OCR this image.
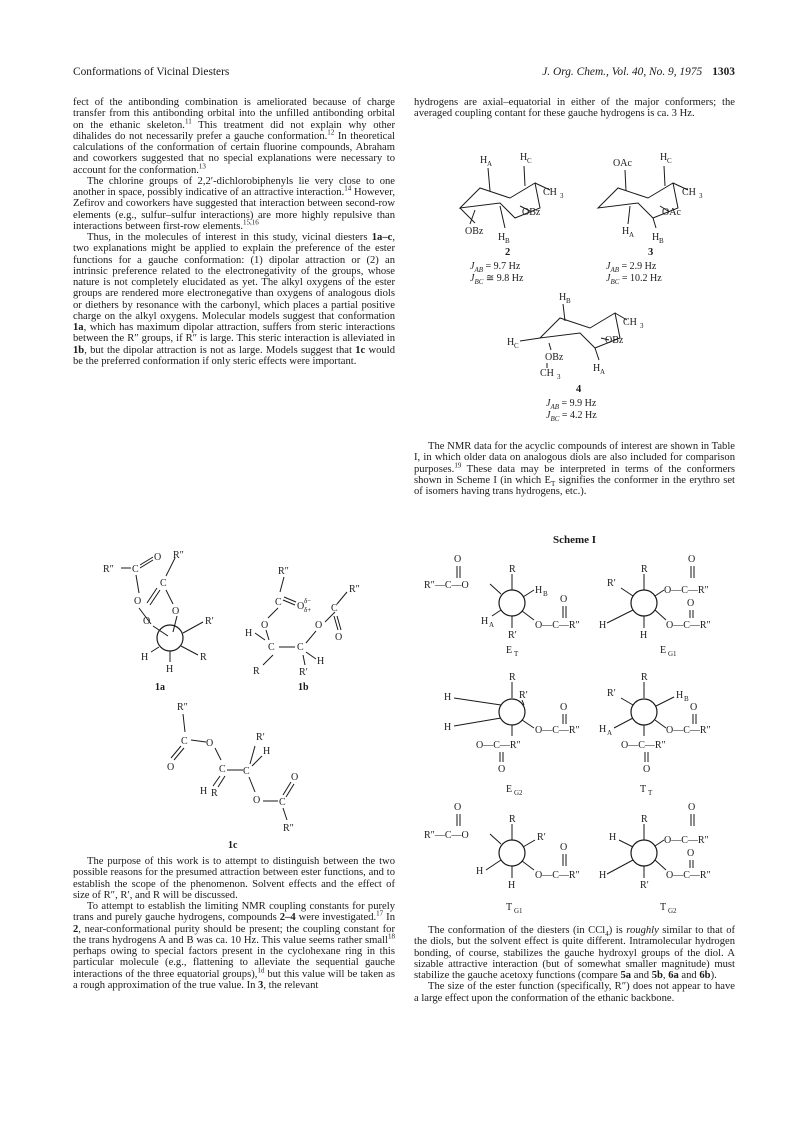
Conformations of Vicinal Diesters	J. Org. Chem., Vol. 40, No. 9, 1975 1303

fect of the antibonding combination is ameliorated because of charge transfer from this antibonding orbital into the unfilled antibonding orbital on the ethanic skeleton.$^{11}$ This treatment did not explain why other dihalides do not necessarily prefer a gauche conformation.$^{12}$ In theoretical calculations of the conformation of certain fluorine compounds, Abraham and coworkers suggested that no special explanations were necessary to account for the conformation.$^{13}$

The chlorine groups of 2,2′-dichlorobiphenyls lie very close to one another in space, possibly indicative of an attractive interaction.$^{14}$ However, Zefirov and coworkers have suggested that interaction between second-row elements (e.g., sulfur–sulfur interactions) are more highly repulsive than interactions between first-row elements.$^{15,16}$

Thus, in the molecules of interest in this study, vicinal diesters 1a–c, two explanations might be applied to explain the preference of the ester functions for a gauche conformation: (1) dipolar attraction or (2) an intrinsic preference related to the electronegativity of the groups, whose nature is not completely elucidated as yet. The alkyl oxygens of the ester groups are rendered more electronegative than oxygens of analogous diols or diethers by resonance with the carbonyl, which places a partial positive charge on the alkyl oxygens. Molecular models suggest that conformation 1a, which has maximum dipolar attraction, suffers from steric interactions between the R″ groups, if R″ is large. This steric interaction is alleviated in 1b, but the dipolar attraction is not as large. Models suggest that 1c would be the preferred conformation if only steric effects were important.

R″ C
O
O
R″
C
O
O	R′
H	R
H
1a
R″
C O δ−
δ+
O
H
C C
O
C
R″
O
H
R	R′
1b
R″
C
O
O
C C
H
R′
H R
O C
O
R″
1c

The purpose of this work is to attempt to distinguish between the two possible reasons for the presumed attraction between ester functions, and to establish the scope of the phenomenon. Solvent effects and the effect of size of R″, R′, and R will be discussed.

To attempt to establish the limiting NMR coupling constants for purely trans and purely gauche hydrogens, compounds 2–4 were investigated.$^{17}$ In 2, near-conformational purity should be present; the coupling constant for the trans hydrogens A and B was ca. 10 Hz. This value seems rather small$^{18}$ perhaps owing to special factors present in the cyclohexane ring in this particular molecule (e.g., flattening to alleviate the sequential gauche interactions of the three equatorial groups),$^{1d}$ but this value will be taken as a rough approximation of the true value. In 3, the relevant

hydrogens are axial–equatorial in either of the major conformers; the averaged coupling contant for these gauche hydrogens is ca. 3 Hz.

H A
H C
CH 3
OBz
OBz
H B
OAc
H C
CH 3
OAc
H A H B
2	3
$J_{AB} = 9.7$ Hz
$J_{BC}$ ≅ 9.8 Hz
$J_{AB} = 2.9$ Hz
$J_{BC} = 10.2$ Hz
H B
CH 3
OBz
H C
OBz
CH 3
H A
4
$J_{AB} = 9.9$ Hz
$J_{BC} = 4.2$ Hz

The NMR data for the acyclic compounds of interest are shown in Table I, in which older data on analogous diols are also included for comparison purposes.$^{19}$ These data may be interpreted in terms of the conformers shown in Scheme I (in which $E_T$ signifies the conformer in the erythro set of isomers having trans hydrogens, etc.).

Scheme I
O
R″—C—O
R
H B
H A
R′
O
O—C—R″
E T
R
O
R′
O—C—R″
O
H	O—C—R″
H
E G1
R
H	R′
H	O—C—R″
O
O—C—R″
O
E G2
R
R′	H B
H A	O—C—R″
O
O—C—R″
O
T T
O
R″—C—O
R
R′
H	O—C—R″
O
H
T G1
O
R
H	O—C—R″
O
H	O—C—R″
R′
T G2

The conformation of the diesters (in CCl$_4$) is roughly similar to that of the diols, but the solvent effect is quite different. Intramolecular hydrogen bonding, of course, stabilizes the gauche hydroxyl groups of the diol. A sizable attractive interaction (but of somewhat smaller magnitude) must stabilize the gauche acetoxy functions (compare 5a and 5b, 6a and 6b).

The size of the ester function (specifically, R″) does not appear to have a large effect upon the conformation of the ethanic backbone.
